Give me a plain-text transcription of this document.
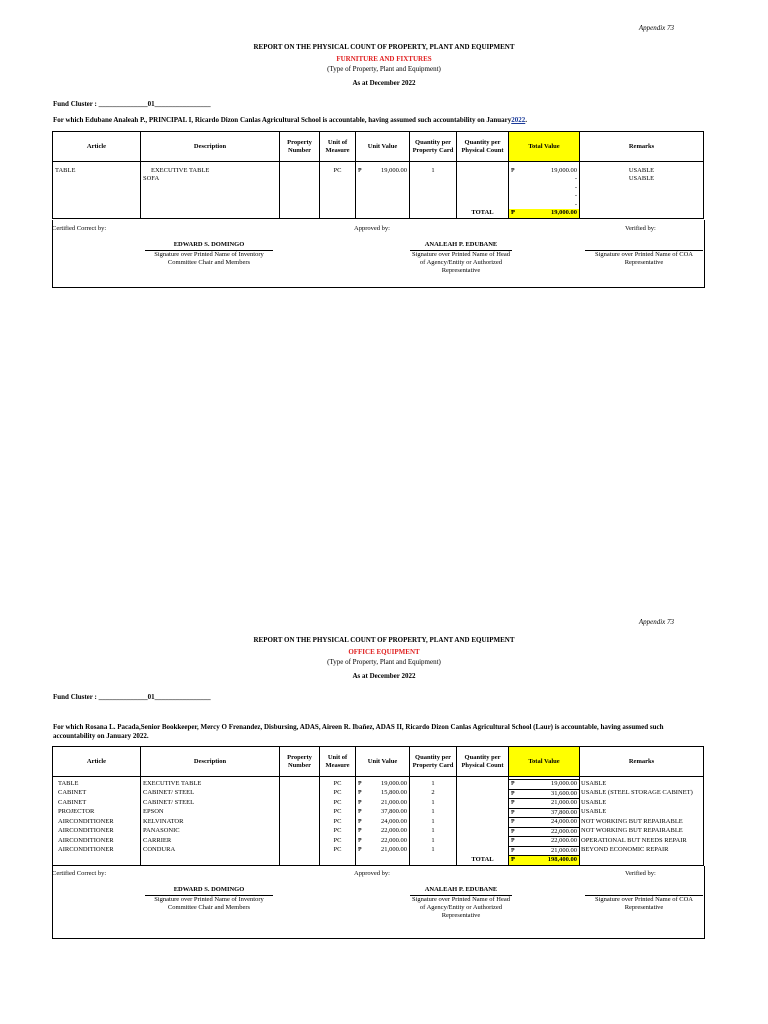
Appendix 73
REPORT ON THE PHYSICAL COUNT OF PROPERTY, PLANT AND EQUIPMENT
FURNITURE AND FIXTURES
(Type of Property, Plant and Equipment)
As at December 2022
Fund Cluster : ______________01________________
For which Edubane Analeah P., PRINCIPAL I, Ricardo Dizon Canlas Agricultural School is accountable, having assumed such accountability on January2022.
Article	Description	Property Number	Unit of Measure	Unit Value	Quantity per Property Card	Quantity per Physical Count	Total Value	Remarks

TABLE	EXECUTIVE TABLE		PC	₱ 19,000.00	1		₱ 19,000.00	USABLE
	SOFA						-	USABLE
							-	
							-	
							-	
						TOTAL	₱ 19,000.00	
Certified Correct by:	Approved by:	Verified by:
EDWARD S. DOMINGO
Signature over Printed Name of Inventory Committee Chair and Members
ANALEAH P. EDUBANE
Signature over Printed Name of Head of Agency/Entity or Authorized Representative
Signature over Printed Name of COA Representative
Appendix 73
REPORT ON THE PHYSICAL COUNT OF PROPERTY, PLANT AND EQUIPMENT
OFFICE EQUIPMENT
(Type of Property, Plant and Equipment)
As at December 2022
Fund Cluster : ______________01________________
For which Rosana L. Pacada,Senior Bookkeeper, Mercy O Frenandez, Disbursing, ADAS, Aireen R. Ibañez, ADAS II, Ricardo Dizon Canlas Agricultural School (Laur) is accountable, having assumed such accountability on January 2022.
Article	Description	Property Number	Unit of Measure	Unit Value	Quantity per Property Card	Quantity per Physical Count	Total Value	Remarks

TABLE	EXECUTIVE TABLE		PC	₱ 19,000.00	1		₱ 19,000.00	USABLE
CABINET	CABINET/ STEEL		PC	₱ 15,800.00	2		₱ 31,600.00	USABLE (STEEL STORAGE CABINET)
CABINET	CABINET/ STEEL		PC	₱ 21,000.00	1		₱ 21,000.00	USABLE
PROJECTOR	EPSON		PC	₱ 37,800.00	1		₱ 37,800.00	USABLE
AIRCONDITIONER	KELVINATOR		PC	₱ 24,000.00	1		₱ 24,000.00	NOT WORKING BUT REPAIRABLE
AIRCONDITIONER	PANASONIC		PC	₱ 22,000.00	1		₱ 22,000.00	NOT WORKING BUT REPAIRABLE
AIRCONDITIONER	CARRIER		PC	₱ 22,000.00	1		₱ 22,000.00	OPERATIONAL BUT NEEDS REPAIR
AIRCONDITIONER	CONDURA		PC	₱ 21,000.00	1		₱ 21,000.00	BEYOND ECONOMIC REPAIR
						TOTAL	₱ 198,400.00	
Certified Correct by:	Approved by:	Verified by:
EDWARD S. DOMINGO
Signature over Printed Name of Inventory Committee Chair and Members
ANALEAH P. EDUBANE
Signature over Printed Name of Head of Agency/Entity or Authorized Representative
Signature over Printed Name of COA Representative
